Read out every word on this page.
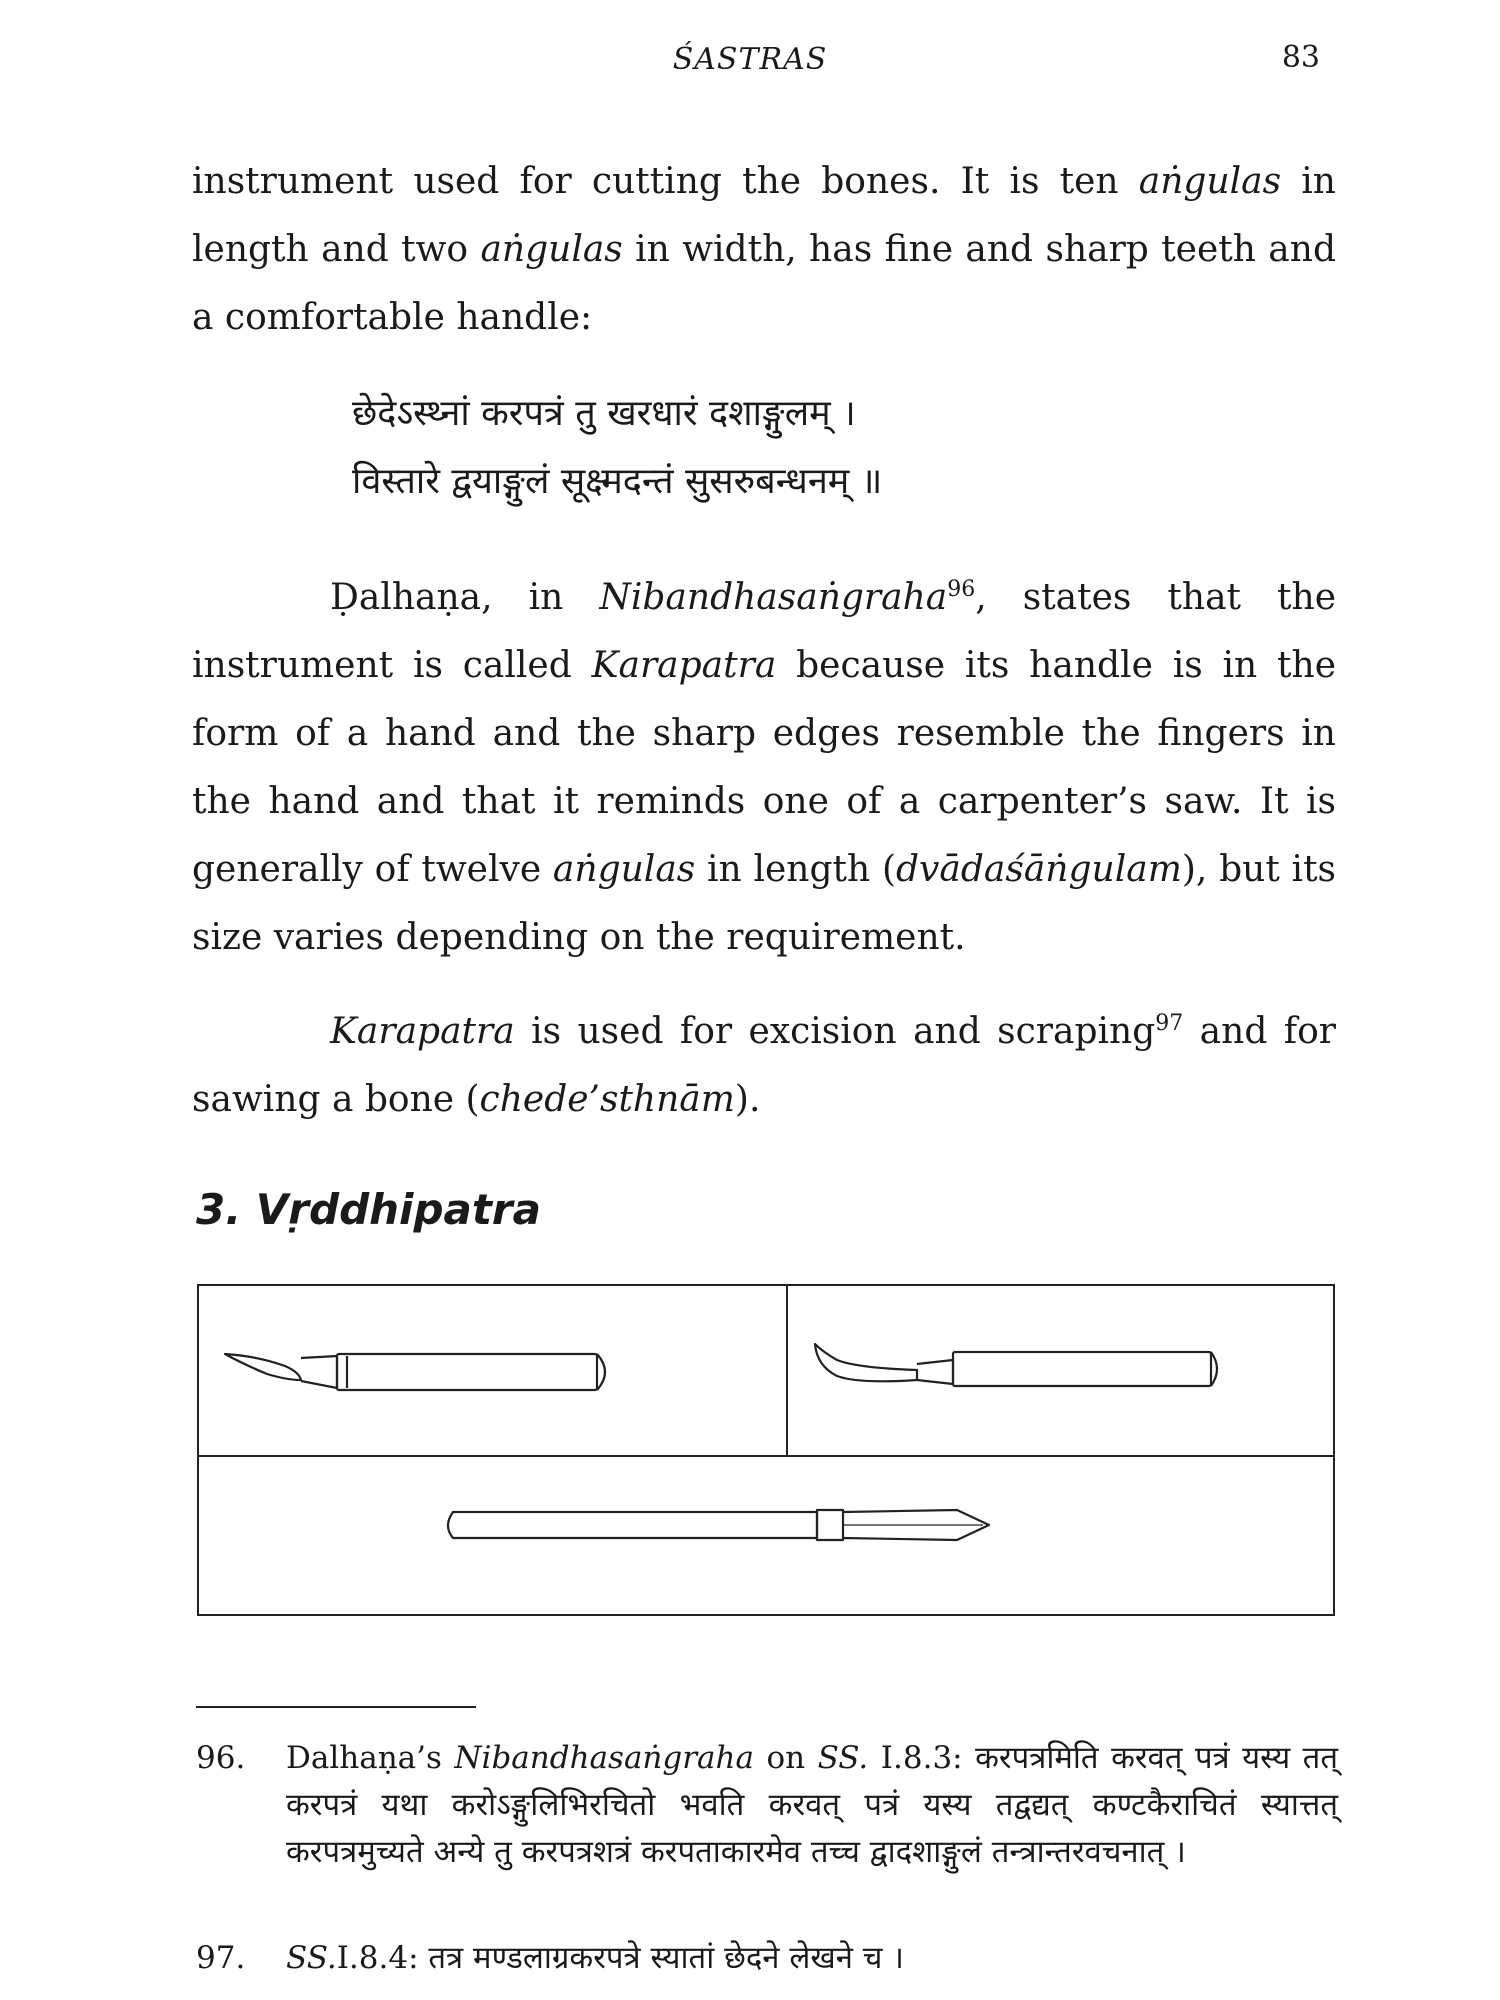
ŚASTRAS	83

instrument used for cutting the bones. It is ten aṅgulas in length and two aṅgulas in width, has fine and sharp teeth and a comfortable handle:

छेदेऽस्थ्नां करपत्रं तु खरधारं दशाङ्गुलम् ।
विस्तारे द्वयाङ्गुलं सूक्ष्मदन्तं सुसरुबन्धनम् ॥

Ḍalhaṇa, in Nibandhasaṅgraha$^{96}$, states that the instrument is called Karapatra because its handle is in the form of a hand and the sharp edges resemble the fingers in the hand and that it reminds one of a carpenter’s saw. It is generally of twelve aṅgulas in length (dvādaśāṅgulam), but its size varies depending on the requirement.

Karapatra is used for excision and scraping$^{97}$ and for sawing a bone (chede’sthnām).

3. Vṛddhipatra
96. Dalhaṇa’s Nibandhasaṅgraha on SS. I.8.3: करपत्रमिति करवत् पत्रं यस्य तत् करपत्रं यथा करोऽङ्गुलिभिरचितो भवति करवत् पत्रं यस्य तद्वद्यत् कण्टकैराचितं स्यात्तत् करपत्रमुच्यते अन्ये तु करपत्रशत्रं करपताकारमेव तच्च द्वादशाङ्गुलं तन्त्रान्तरवचनात् ।
97. SS.I.8.4: तत्र मण्डलाग्रकरपत्रे स्यातां छेदने लेखने च ।
